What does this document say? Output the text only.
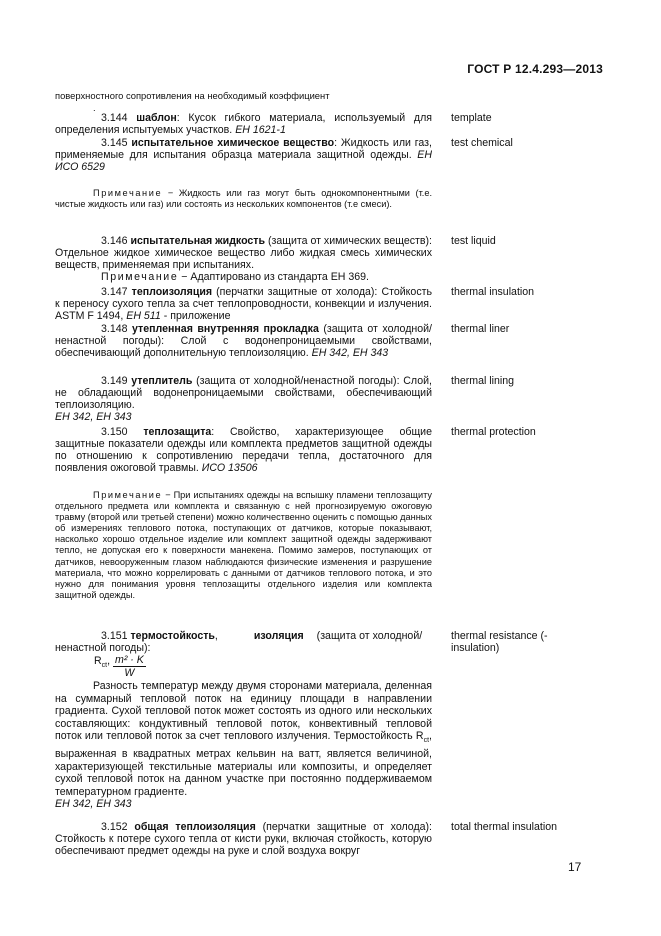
ГОСТ Р 12.4.293—2013
поверхностного сопротивления на необходимый коэффициент
.

3.144 шаблон: Кусок гибкого материала, используемый для определения испытуемых участков. ЕН 1621-1

template

3.145 испытательное химическое вещество: Жидкость или газ, применяемые для испытания образца материала защитной одежды. ЕН ИСО 6529

test chemical

Примечание − Жидкость или газ могут быть однокомпонентными (т.е. чистые жидкость или газ) или состоять из нескольких компонентов (т.е смеси).

3.146 испытательная жидкость (защита от химических веществ): Отдельное жидкое химическое вещество либо жидкая смесь химических веществ, применяемая при испытаниях.

Примечание − Адаптировано из стандарта ЕН 369.

test liquid

3.147 теплоизоляция (перчатки защитные от холода): Стойкость к переносу сухого тепла за счет теплопроводности, конвекции и излучения. ASTM F 1494, ЕН 511 - приложение

thermal insulation

3.148 утепленная внутренняя прокладка (защита от холодной/ненастной погоды): Слой с водонепроницаемыми свойствами, обеспечивающий дополнительную теплоизоляцию. ЕН 342, ЕН 343

thermal liner

3.149 утеплитель (защита от холодной/ненастной погоды): Слой, не обладающий водонепроницаемыми свойствами, обеспечивающий теплоизоляцию.

ЕН 342, ЕН 343

thermal lining

3.150 теплозащита: Свойство, характеризующее общие защитные показатели одежды или комплекта предметов защитной одежды по отношению к сопротивлению передачи тепла, достаточного для появления ожоговой травмы. ИСО 13506

thermal protection

Примечание − При испытаниях одежды на вспышку пламени теплозащиту отдельного предмета или комплекта и связанную с ней прогнозируемую ожоговую травму (второй или третьей степени) можно количественно оценить с помощью данных об измерениях теплового потока, поступающих от датчиков, которые показывают, насколько хорошо отдельное изделие или комплект защитной одежды задерживают тепло, не допуская его к поверхности манекена. Помимо замеров, поступающих от датчиков, невооруженным глазом наблюдаются физические изменения и разрушение материала, что можно коррелировать с данными от датчиков теплового потока, и это нужно для понимания уровня теплозащиты отдельного изделия или комплекта защитной одежды.

3.151 термостойкость,	изоляция (защита от холодной/ненастной погоды):

thermal resistance (-insulation)
$R_{ct}$, $\frac{\text{m² · K}}{W}$

Разность температур между двумя сторонами материала, деленная на суммарный тепловой поток на единицу площади в направлении градиента. Сухой тепловой поток может состоять из одного или нескольких составляющих: кондуктивный тепловой поток, конвективный тепловой поток или тепловой поток за счет теплового излучения. Термостойкость $R_{ct}$, выраженная в квадратных метрах кельвин на ватт, является величиной, характеризующей текстильные материалы или композиты, и определяет сухой тепловой поток на данном участке при постоянно поддерживаемом температурном градиенте.

ЕН 342, ЕН 343

3.152 общая теплоизоляция (перчатки защитные от холода): Стойкость к потере сухого тепла от кисти руки, включая стойкость, которую обеспечивают предмет одежды на руке и слой воздуха вокруг

total thermal insulation
17
